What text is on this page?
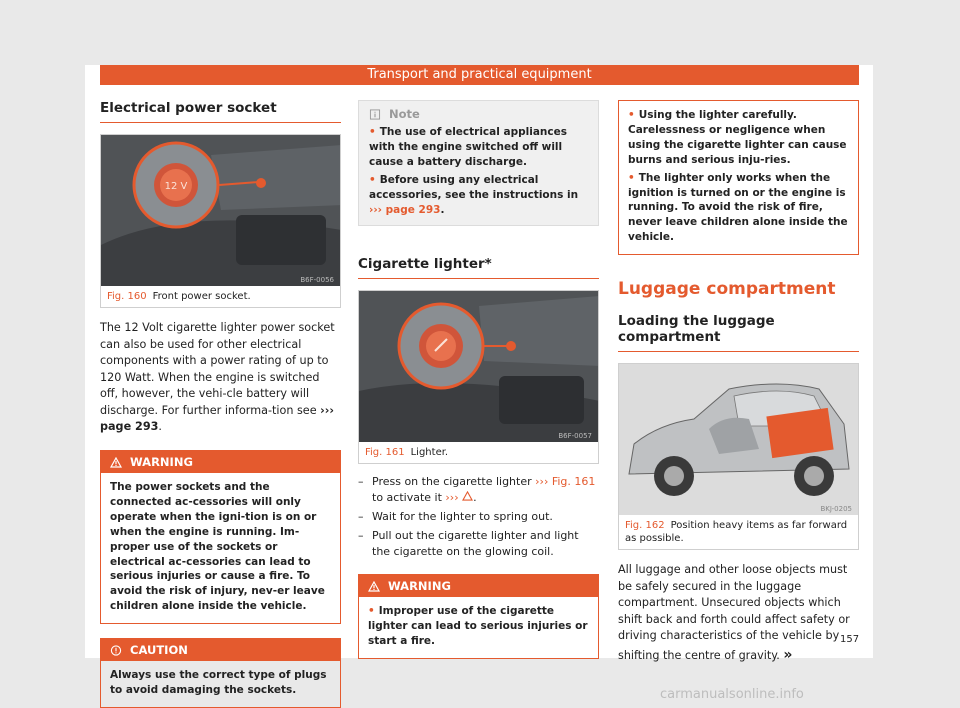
Transport and practical equipment
Electrical power socket
12 V
B6F-0056
Fig. 160 Front power socket.
The 12 Volt cigarette lighter power socket can also be used for other electrical components with a power rating of up to 120 Watt. When the engine is switched off, however, the vehi-cle battery will discharge. For further informa-tion see ››› page 293.
WARNING
The power sockets and the connected ac-cessories will only operate when the igni-tion is on or when the engine is running. Im-proper use of the sockets or electrical ac-cessories can lead to serious injuries or cause a fire. To avoid the risk of injury, nev-er leave children alone inside the vehicle.
CAUTION
Always use the correct type of plugs to avoid damaging the sockets.
Note
• The use of electrical appliances with the engine switched off will cause a battery discharge.
• Before using any electrical accessories, see the instructions in ››› page 293.
Cigarette lighter*
B6F-0057
Fig. 161 Lighter.
– Press on the cigarette lighter ››› Fig. 161 to activate it ››› .
– Wait for the lighter to spring out.
– Pull out the cigarette lighter and light the cigarette on the glowing coil.
WARNING
• Improper use of the cigarette lighter can lead to serious injuries or start a fire.
• Using the lighter carefully. Carelessness or negligence when using the cigarette lighter can cause burns and serious inju-ries.
• The lighter only works when the ignition is turned on or the engine is running. To avoid the risk of fire, never leave children alone inside the vehicle.
Luggage compartment
Loading the luggage compartment
BKJ-0205
Fig. 162 Position heavy items as far forward as possible.
All luggage and other loose objects must be safely secured in the luggage compartment. Unsecured objects which shift back and forth could affect safety or driving characteristics of the vehicle by shifting the centre of gravity. »
157
carmanualsonline.info
